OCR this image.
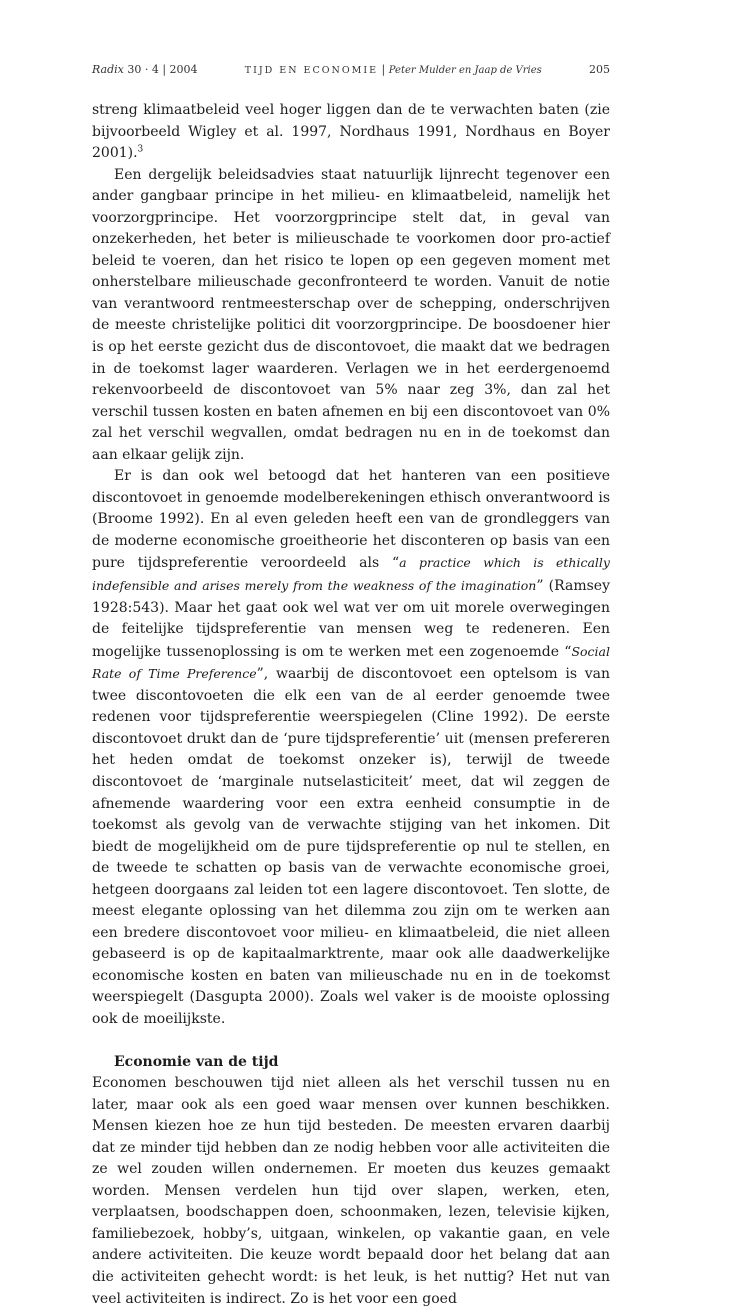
Radix 30 · 4 | 2004	TIJD EN ECONOMIE | Peter Mulder en Jaap de Vries	205

streng klimaatbeleid veel hoger liggen dan de te verwachten baten (zie bijvoorbeeld Wigley et al. 1997, Nordhaus 1991, Nordhaus en Boyer 2001).$^3$

Een dergelijk beleidsadvies staat natuurlijk lijnrecht tegenover een ander gangbaar principe in het milieu- en klimaatbeleid, namelijk het voorzorgprincipe. Het voorzorgprincipe stelt dat, in geval van onzekerheden, het beter is milieuschade te voorkomen door pro-actief beleid te voeren, dan het risico te lopen op een gegeven moment met onherstelbare milieuschade geconfronteerd te worden. Vanuit de notie van verantwoord rentmeesterschap over de schepping, onderschrijven de meeste christelijke politici dit voorzorgprincipe. De boosdoener hier is op het eerste gezicht dus de discontovoet, die maakt dat we bedragen in de toekomst lager waarderen. Verlagen we in het eerdergenoemd rekenvoorbeeld de discontovoet van 5% naar zeg 3%, dan zal het verschil tussen kosten en baten afnemen en bij een discontovoet van 0% zal het verschil wegvallen, omdat bedragen nu en in de toekomst dan aan elkaar gelijk zijn.

Er is dan ook wel betoogd dat het hanteren van een positieve discontovoet in genoemde modelberekeningen ethisch onverantwoord is (Broome 1992). En al even geleden heeft een van de grondleggers van de moderne economische groeitheorie het disconteren op basis van een pure tijdspreferentie veroordeeld als “a practice which is ethically indefensible and arises merely from the weakness of the imagination” (Ramsey 1928:543). Maar het gaat ook wel wat ver om uit morele overwegingen de feitelijke tijdspreferentie van mensen weg te redeneren. Een mogelijke tussenoplossing is om te werken met een zogenoemde “Social Rate of Time Preference”, waarbij de discontovoet een optelsom is van twee discontovoeten die elk een van de al eerder genoemde twee redenen voor tijdspreferentie weerspiegelen (Cline 1992). De eerste discontovoet drukt dan de ‘pure tijdspreferentie’ uit (mensen prefereren het heden omdat de toekomst onzeker is), terwijl de tweede discontovoet de ‘marginale nutselasticiteit’ meet, dat wil zeggen de afnemende waardering voor een extra eenheid consumptie in de toekomst als gevolg van de verwachte stijging van het inkomen. Dit biedt de mogelijkheid om de pure tijdspreferentie op nul te stellen, en de tweede te schatten op basis van de verwachte economische groei, hetgeen doorgaans zal leiden tot een lagere discontovoet. Ten slotte, de meest elegante oplossing van het dilemma zou zijn om te werken aan een bredere discontovoet voor milieu- en klimaatbeleid, die niet alleen gebaseerd is op de kapitaalmarktrente, maar ook alle daadwerkelijke economische kosten en baten van milieuschade nu en in de toekomst weerspiegelt (Dasgupta 2000). Zoals wel vaker is de mooiste oplossing ook de moeilijkste.

Economie van de tijd

Economen beschouwen tijd niet alleen als het verschil tussen nu en later, maar ook als een goed waar mensen over kunnen beschikken. Mensen kiezen hoe ze hun tijd besteden. De meesten ervaren daarbij dat ze minder tijd hebben dan ze nodig hebben voor alle activiteiten die ze wel zouden willen ondernemen. Er moeten dus keuzes gemaakt worden. Mensen verdelen hun tijd over slapen, werken, eten, verplaatsen, boodschappen doen, schoonmaken, lezen, televisie kijken, familiebezoek, hobby’s, uitgaan, winkelen, op vakantie gaan, en vele andere activiteiten. Die keuze wordt bepaald door het belang dat aan die activiteiten gehecht wordt: is het leuk, is het nuttig? Het nut van veel activiteiten is indirect. Zo is het voor een goed
